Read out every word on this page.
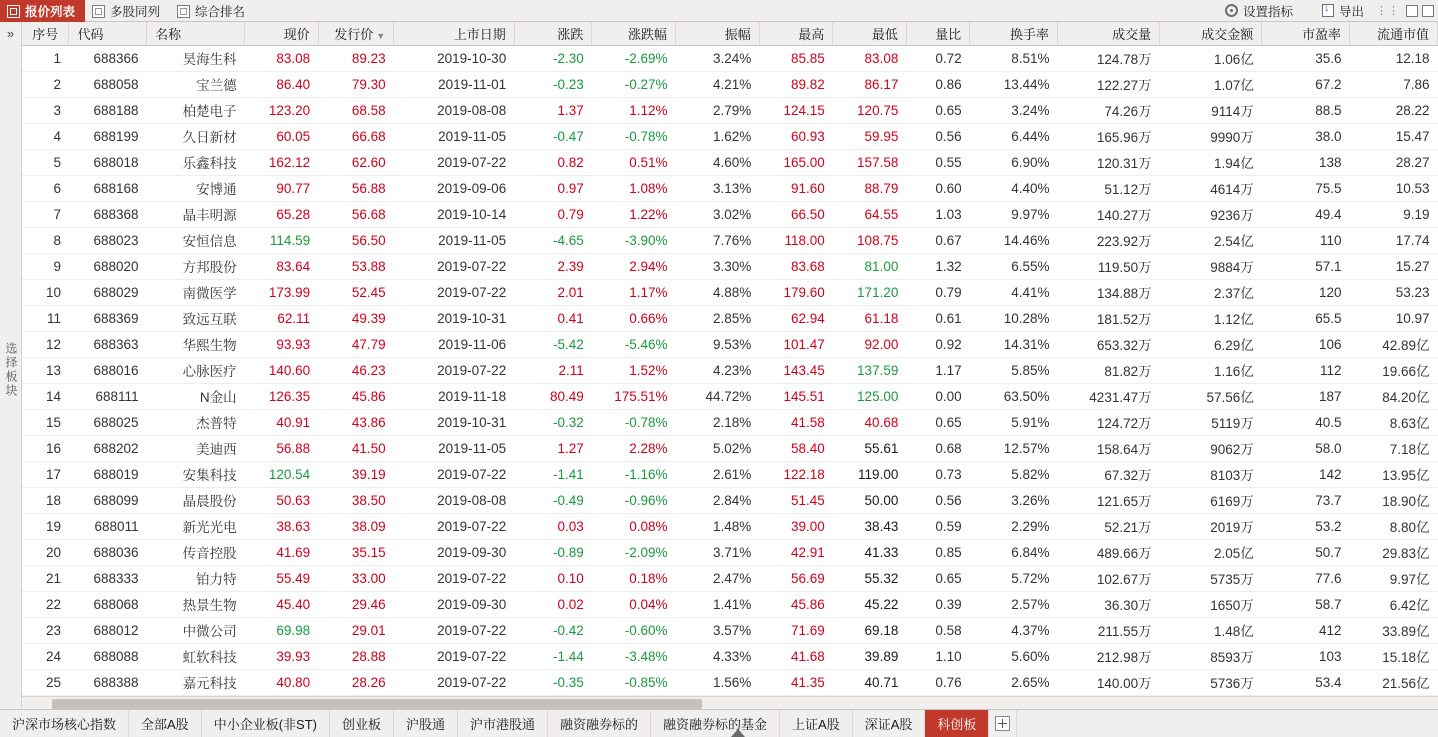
报价列表	多股同列	综合排名	设置指标 ↓	导出 ⋮⋮
»
选择板块
序号	代码	名称	现价	发行价 ▼	上市日期	涨跌	涨跌幅	振幅	最高	最低	量比	换手率	成交量	成交金额	市盈率	流通市值
1	688366	昊海生科	83.08	89.23	2019-10-30	-2.30	-2.69%	3.24%	85.85	83.08	0.72	8.51%	124.78万	1.06亿	35.6	12.18
2	688058	宝兰德	86.40	79.30	2019-11-01	-0.23	-0.27%	4.21%	89.82	86.17	0.86	13.44%	122.27万	1.07亿	67.2	7.86
3	688188	柏楚电子	123.20	68.58	2019-08-08	1.37	1.12%	2.79%	124.15	120.75	0.65	3.24%	74.26万	9114万	88.5	28.22
4	688199	久日新材	60.05	66.68	2019-11-05	-0.47	-0.78%	1.62%	60.93	59.95	0.56	6.44%	165.96万	9990万	38.0	15.47
5	688018	乐鑫科技	162.12	62.60	2019-07-22	0.82	0.51%	4.60%	165.00	157.58	0.55	6.90%	120.31万	1.94亿	138	28.27
6	688168	安博通	90.77	56.88	2019-09-06	0.97	1.08%	3.13%	91.60	88.79	0.60	4.40%	51.12万	4614万	75.5	10.53
7	688368	晶丰明源	65.28	56.68	2019-10-14	0.79	1.22%	3.02%	66.50	64.55	1.03	9.97%	140.27万	9236万	49.4	9.19
8	688023	安恒信息	114.59	56.50	2019-11-05	-4.65	-3.90%	7.76%	118.00	108.75	0.67	14.46%	223.92万	2.54亿	110	17.74
9	688020	方邦股份	83.64	53.88	2019-07-22	2.39	2.94%	3.30%	83.68	81.00	1.32	6.55%	119.50万	9884万	57.1	15.27
10	688029	南微医学	173.99	52.45	2019-07-22	2.01	1.17%	4.88%	179.60	171.20	0.79	4.41%	134.88万	2.37亿	120	53.23
11	688369	致远互联	62.11	49.39	2019-10-31	0.41	0.66%	2.85%	62.94	61.18	0.61	10.28%	181.52万	1.12亿	65.5	10.97
12	688363	华熙生物	93.93	47.79	2019-11-06	-5.42	-5.46%	9.53%	101.47	92.00	0.92	14.31%	653.32万	6.29亿	106	42.89亿
13	688016	心脉医疗	140.60	46.23	2019-07-22	2.11	1.52%	4.23%	143.45	137.59	1.17	5.85%	81.82万	1.16亿	112	19.66亿
14	688111	N金山	126.35	45.86	2019-11-18	80.49	175.51%	44.72%	145.51	125.00	0.00	63.50%	4231.47万	57.56亿	187	84.20亿
15	688025	杰普特	40.91	43.86	2019-10-31	-0.32	-0.78%	2.18%	41.58	40.68	0.65	5.91%	124.72万	5119万	40.5	8.63亿
16	688202	美迪西	56.88	41.50	2019-11-05	1.27	2.28%	5.02%	58.40	55.61	0.68	12.57%	158.64万	9062万	58.0	7.18亿
17	688019	安集科技	120.54	39.19	2019-07-22	-1.41	-1.16%	2.61%	122.18	119.00	0.73	5.82%	67.32万	8103万	142	13.95亿
18	688099	晶晨股份	50.63	38.50	2019-08-08	-0.49	-0.96%	2.84%	51.45	50.00	0.56	3.26%	121.65万	6169万	73.7	18.90亿
19	688011	新光光电	38.63	38.09	2019-07-22	0.03	0.08%	1.48%	39.00	38.43	0.59	2.29%	52.21万	2019万	53.2	8.80亿
20	688036	传音控股	41.69	35.15	2019-09-30	-0.89	-2.09%	3.71%	42.91	41.33	0.85	6.84%	489.66万	2.05亿	50.7	29.83亿
21	688333	铂力特	55.49	33.00	2019-07-22	0.10	0.18%	2.47%	56.69	55.32	0.65	5.72%	102.67万	5735万	77.6	9.97亿
22	688068	热景生物	45.40	29.46	2019-09-30	0.02	0.04%	1.41%	45.86	45.22	0.39	2.57%	36.30万	1650万	58.7	6.42亿
23	688012	中微公司	69.98	29.01	2019-07-22	-0.42	-0.60%	3.57%	71.69	69.18	0.58	4.37%	211.55万	1.48亿	412	33.89亿
24	688088	虹软科技	39.93	28.88	2019-07-22	-1.44	-3.48%	4.33%	41.68	39.89	1.10	5.60%	212.98万	8593万	103	15.18亿
25	688388	嘉元科技	40.80	28.26	2019-07-22	-0.35	-0.85%	1.56%	41.35	40.71	0.76	2.65%	140.00万	5736万	53.4	21.56亿
沪深市场核心指数	全部A股	中小企业板(非ST)	创业板	沪股通	沪市港股通	融资融券标的	融资融券标的基金	上证A股	深证A股	科创板
